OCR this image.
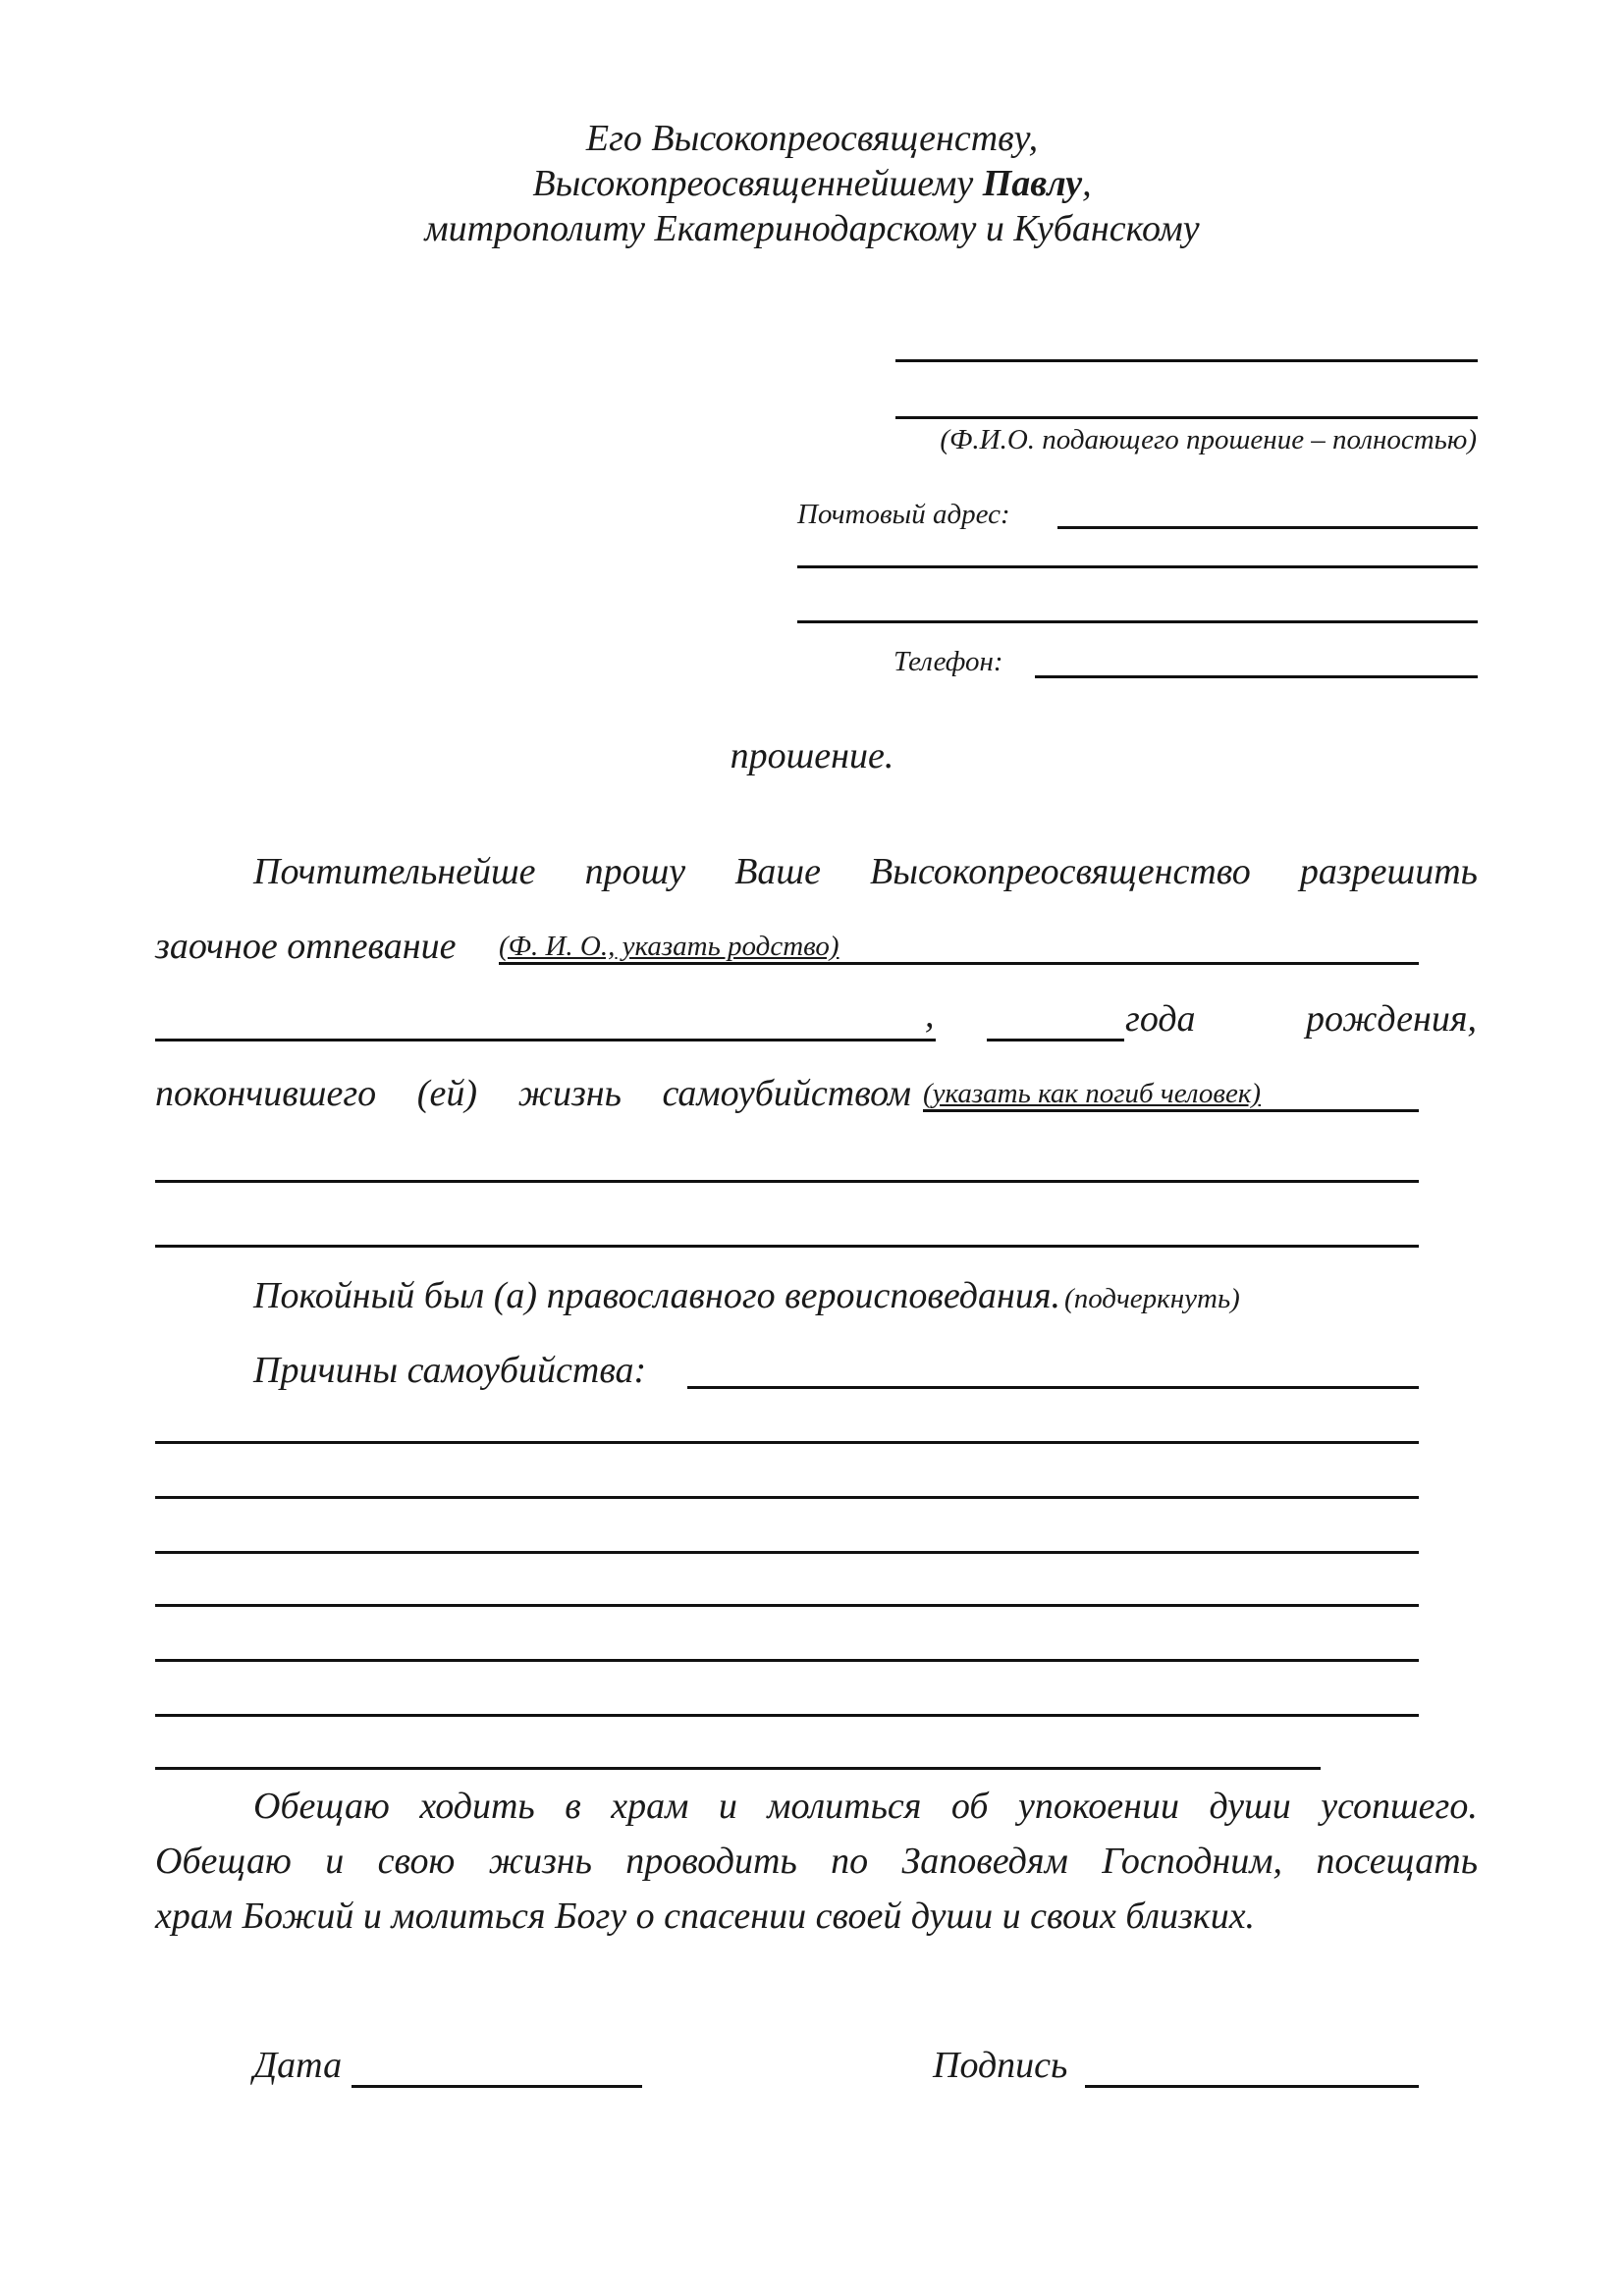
Его Высокопреосвященству,
Высокопреосвященнейшему Павлу,
митрополиту Екатеринодарскому и Кубанскому
(Ф.И.О. подающего прошение – полностью)
Почтовый адрес:
Телефон:
прошение.
Почтительнейше прошу Ваше Высокопреосвященство разрешить
заочное отпевание (Ф. И. О., указать родство)
,	года	рождения,
покончившего (ей) жизнь самоубийством (указать как погиб человек)
Покойный был (а) православного вероисповедания. (подчеркнуть)
Причины самоубийства:
Обещаю ходить в храм и молиться об упокоении души усопшего.
Обещаю и свою жизнь проводить по Заповедям Господним, посещать
храм Божий и молиться Богу о спасении своей души и своих близких.
Дата	Подпись
